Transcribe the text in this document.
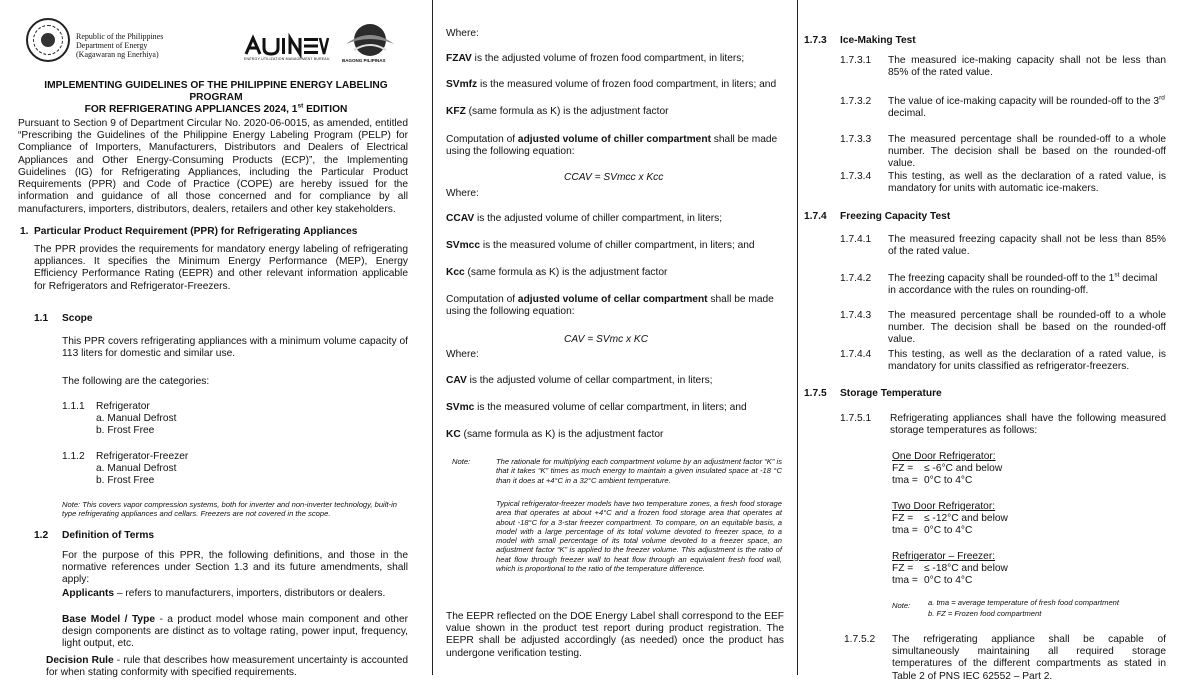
Republic of the Philippines
Department of Energy
(Kagawaran ng Enerhiya)	ENERGY UTILIZATION MANAGEMENT BUREAU	BAGONG PILIPINAS
IMPLEMENTING GUIDELINES OF THE PHILIPPINE ENERGY LABELING PROGRAM
FOR REFRIGERATING APPLIANCES 2024, 1st EDITION

Pursuant to Section 9 of Department Circular No. 2020-06-0015, as amended, entitled “Prescribing the Guidelines of the Philippine Energy Labeling Program (PELP) for Compliance of Importers, Manufacturers, Distributors and Dealers of Electrical Appliances and Other Energy-Consuming Products (ECP)”, the Implementing Guidelines (IG) for Refrigerating Appliances, including the Particular Product Requirements (PPR) and Code of Practice (COPE) are hereby issued for the information and guidance of all those concerned and for compliance by all manufacturers, importers, distributors, dealers, retailers and other key stakeholders.

1. Particular Product Requirement (PPR) for Refrigerating Appliances

The PPR provides the requirements for mandatory energy labeling of refrigerating appliances. It specifies the Minimum Energy Performance (MEP), Energy Efficiency Performance Rating (EEPR) and other relevant information applicable for Refrigerators and Refrigerator-Freezers.

1.1 Scope

This PPR covers refrigerating appliances with a minimum volume capacity of 113 liters for domestic and similar use.

The following are the categories:
1.1.1 Refrigerator
a. Manual Defrost
b. Frost Free
1.1.2 Refrigerator-Freezer
a. Manual Defrost
b. Frost Free

Note: This covers vapor compression systems, both for inverter and non-inverter technology, built-in type refrigerating appliances and cellars. Freezers are not covered in the scope.

1.2 Definition of Terms

For the purpose of this PPR, the following definitions, and those in the normative references under Section 1.3 and its future amendments, shall apply:

Applicants – refers to manufacturers, importers, distributors or dealers.

Base Model / Type - a product model whose main component and other design components are distinct as to voltage rating, power input, frequency, light output, etc.

Decision Rule - rule that describes how measurement uncertainty is accounted for when stating conformity with specified requirements.

Where:

FZAV is the adjusted volume of frozen food compartment, in liters;

SVmfz is the measured volume of frozen food compartment, in liters; and

KFZ (same formula as K) is the adjustment factor

Computation of adjusted volume of chiller compartment shall be made using the following equation:

CCAV = SVmcc x Kcc
Where:

CCAV is the adjusted volume of chiller compartment, in liters;

SVmcc is the measured volume of chiller compartment, in liters; and

Kcc (same formula as K) is the adjustment factor

Computation of adjusted volume of cellar compartment shall be made using the following equation:

CAV = SVmc x KC
Where:

CAV is the adjusted volume of cellar compartment, in liters;

SVmc is the measured volume of cellar compartment, in liters; and

KC (same formula as K) is the adjustment factor

Note:	The rationale for multiplying each compartment volume by an adjustment factor “K” is that it takes “K” times as much energy to maintain a given insulated space at -18 °C than it does at +4°C in a 32°C ambient temperature.

Typical refrigerator-freezer models have two temperature zones, a fresh food storage area that operates at about +4°C and a frozen food storage area that operates at about -18°C for a 3-star freezer compartment. To compare, on an equitable basis, a model with a large percentage of its total volume devoted to freezer space, to a model with small percentage of its total volume devoted to a freezer space, an adjustment factor “K” is applied to the freezer volume. This adjustment is the ratio of heat flow through freezer wall to heat flow through an equivalent fresh food wall, which is proportional to the ratio of the temperature difference.

The EEPR reflected on the DOE Energy Label shall correspond to the EEF value shown in the product test report during product registration. The EEPR shall be adjusted accordingly (as needed) once the product has undergone verification testing.

1.7.3 Ice-Making Test
1.7.3.1 The measured ice-making capacity shall not be less than 85% of the rated value.

1.7.3.2 The value of ice-making capacity will be rounded-off to the 3rd decimal.

1.7.3.3 The measured percentage shall be rounded-off to a whole number. The decision shall be based on the rounded-off value.

1.7.3.4 This testing, as well as the declaration of a rated value, is mandatory for units with automatic ice-makers.

1.7.4 Freezing Capacity Test
1.7.4.1 The measured freezing capacity shall not be less than 85% of the rated value.

1.7.4.2 The freezing capacity shall be rounded-off to the 1st decimal in accordance with the rules on rounding-off.

1.7.4.3 The measured percentage shall be rounded-off to a whole number. The decision shall be based on the rounded-off value.

1.7.4.4 This testing, as well as the declaration of a rated value, is mandatory for units classified as refrigerator-freezers.

1.7.5 Storage Temperature
1.7.5.1 Refrigerating appliances shall have the following measured storage temperatures as follows:

One Door Refrigerator:
FZ = ≤ -6°C and below
tma = 0°C to 4°C
Two Door Refrigerator:
FZ = ≤ -12°C and below
tma = 0°C to 4°C
Refrigerator – Freezer:
FZ = ≤ -18°C and below
tma = 0°C to 4°C
Note: a. tma = average temperature of fresh food compartment
b. FZ = Frozen food compartment
1.7.5.2 The refrigerating appliance shall be capable of simultaneously maintaining all required storage temperatures of the different compartments as stated in Table 2 of PNS IEC 62552 – Part 2.
